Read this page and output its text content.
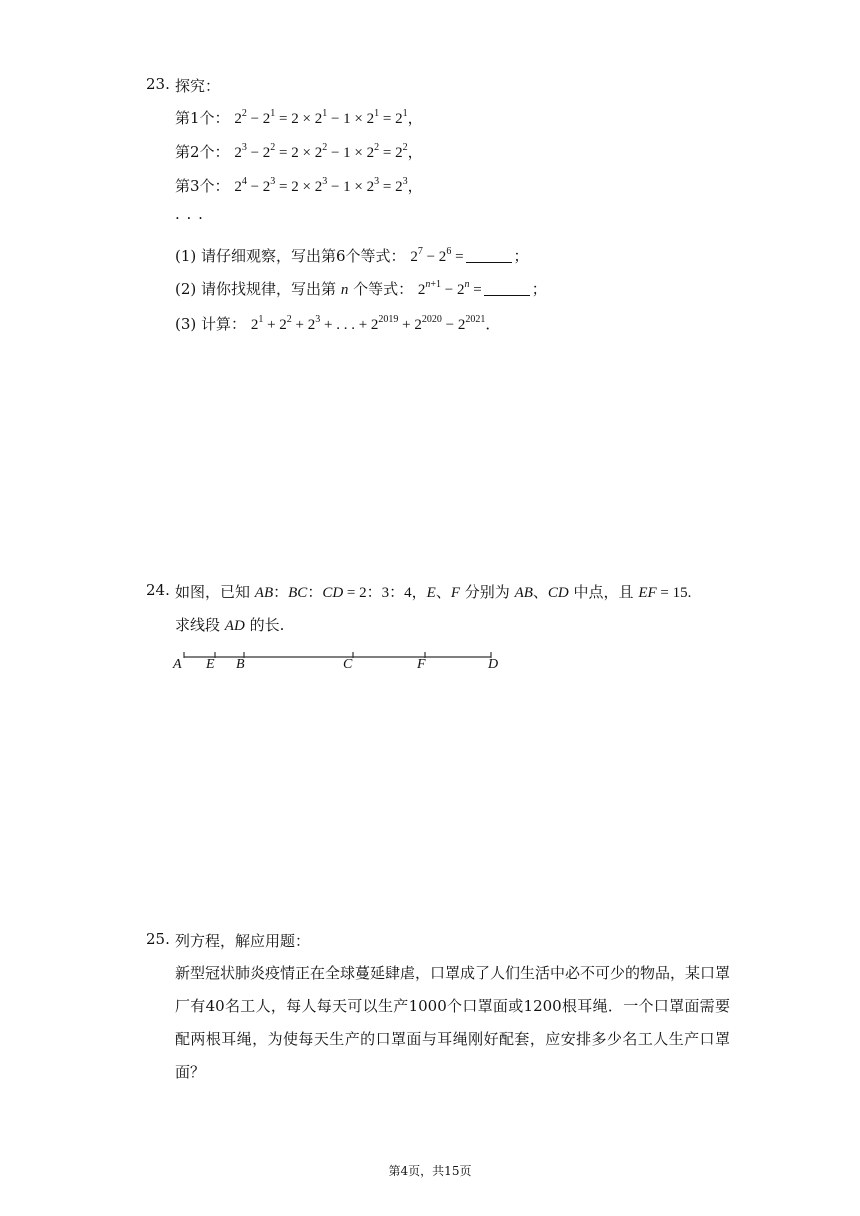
23. 探究：
第1个： $2^2 - 2^1 = 2 \times 2^1 - 1 \times 2^1 = 2^1$，
第2个： $2^3 - 2^2 = 2 \times 2^2 - 1 \times 2^2 = 2^2$，
第3个： $2^4 - 2^3 = 2 \times 2^3 - 1 \times 2^3 = 2^3$，
. . .
(1) 请仔细观察，写出第6个等式： $2^7 - 2^6$ =	；
(2) 请你找规律，写出第 n 个等式： $2^{n+1} - 2^n$ =	；
(3) 计算： $2^1 + 2^2 + 2^3$ + . . . + $2^{2019} + 2^{2020} - 2^{2021}$．
24. 如图，已知 AB：BC：CD = 2：3：4，E、F 分别为 AB、CD 中点，且 EF = 15.
求线段 AD 的长.
A E B	C	F	D
25. 列方程，解应用题：
新型冠状肺炎疫情正在全球蔓延肆虐，口罩成了人们生活中必不可少的物品，某口罩厂有40名工人，每人每天可以生产1000个口罩面或1200根耳绳．一个口罩面需要配两根耳绳，为使每天生产的口罩面与耳绳刚好配套，应安排多少名工人生产口罩面？
第4页，共15页
